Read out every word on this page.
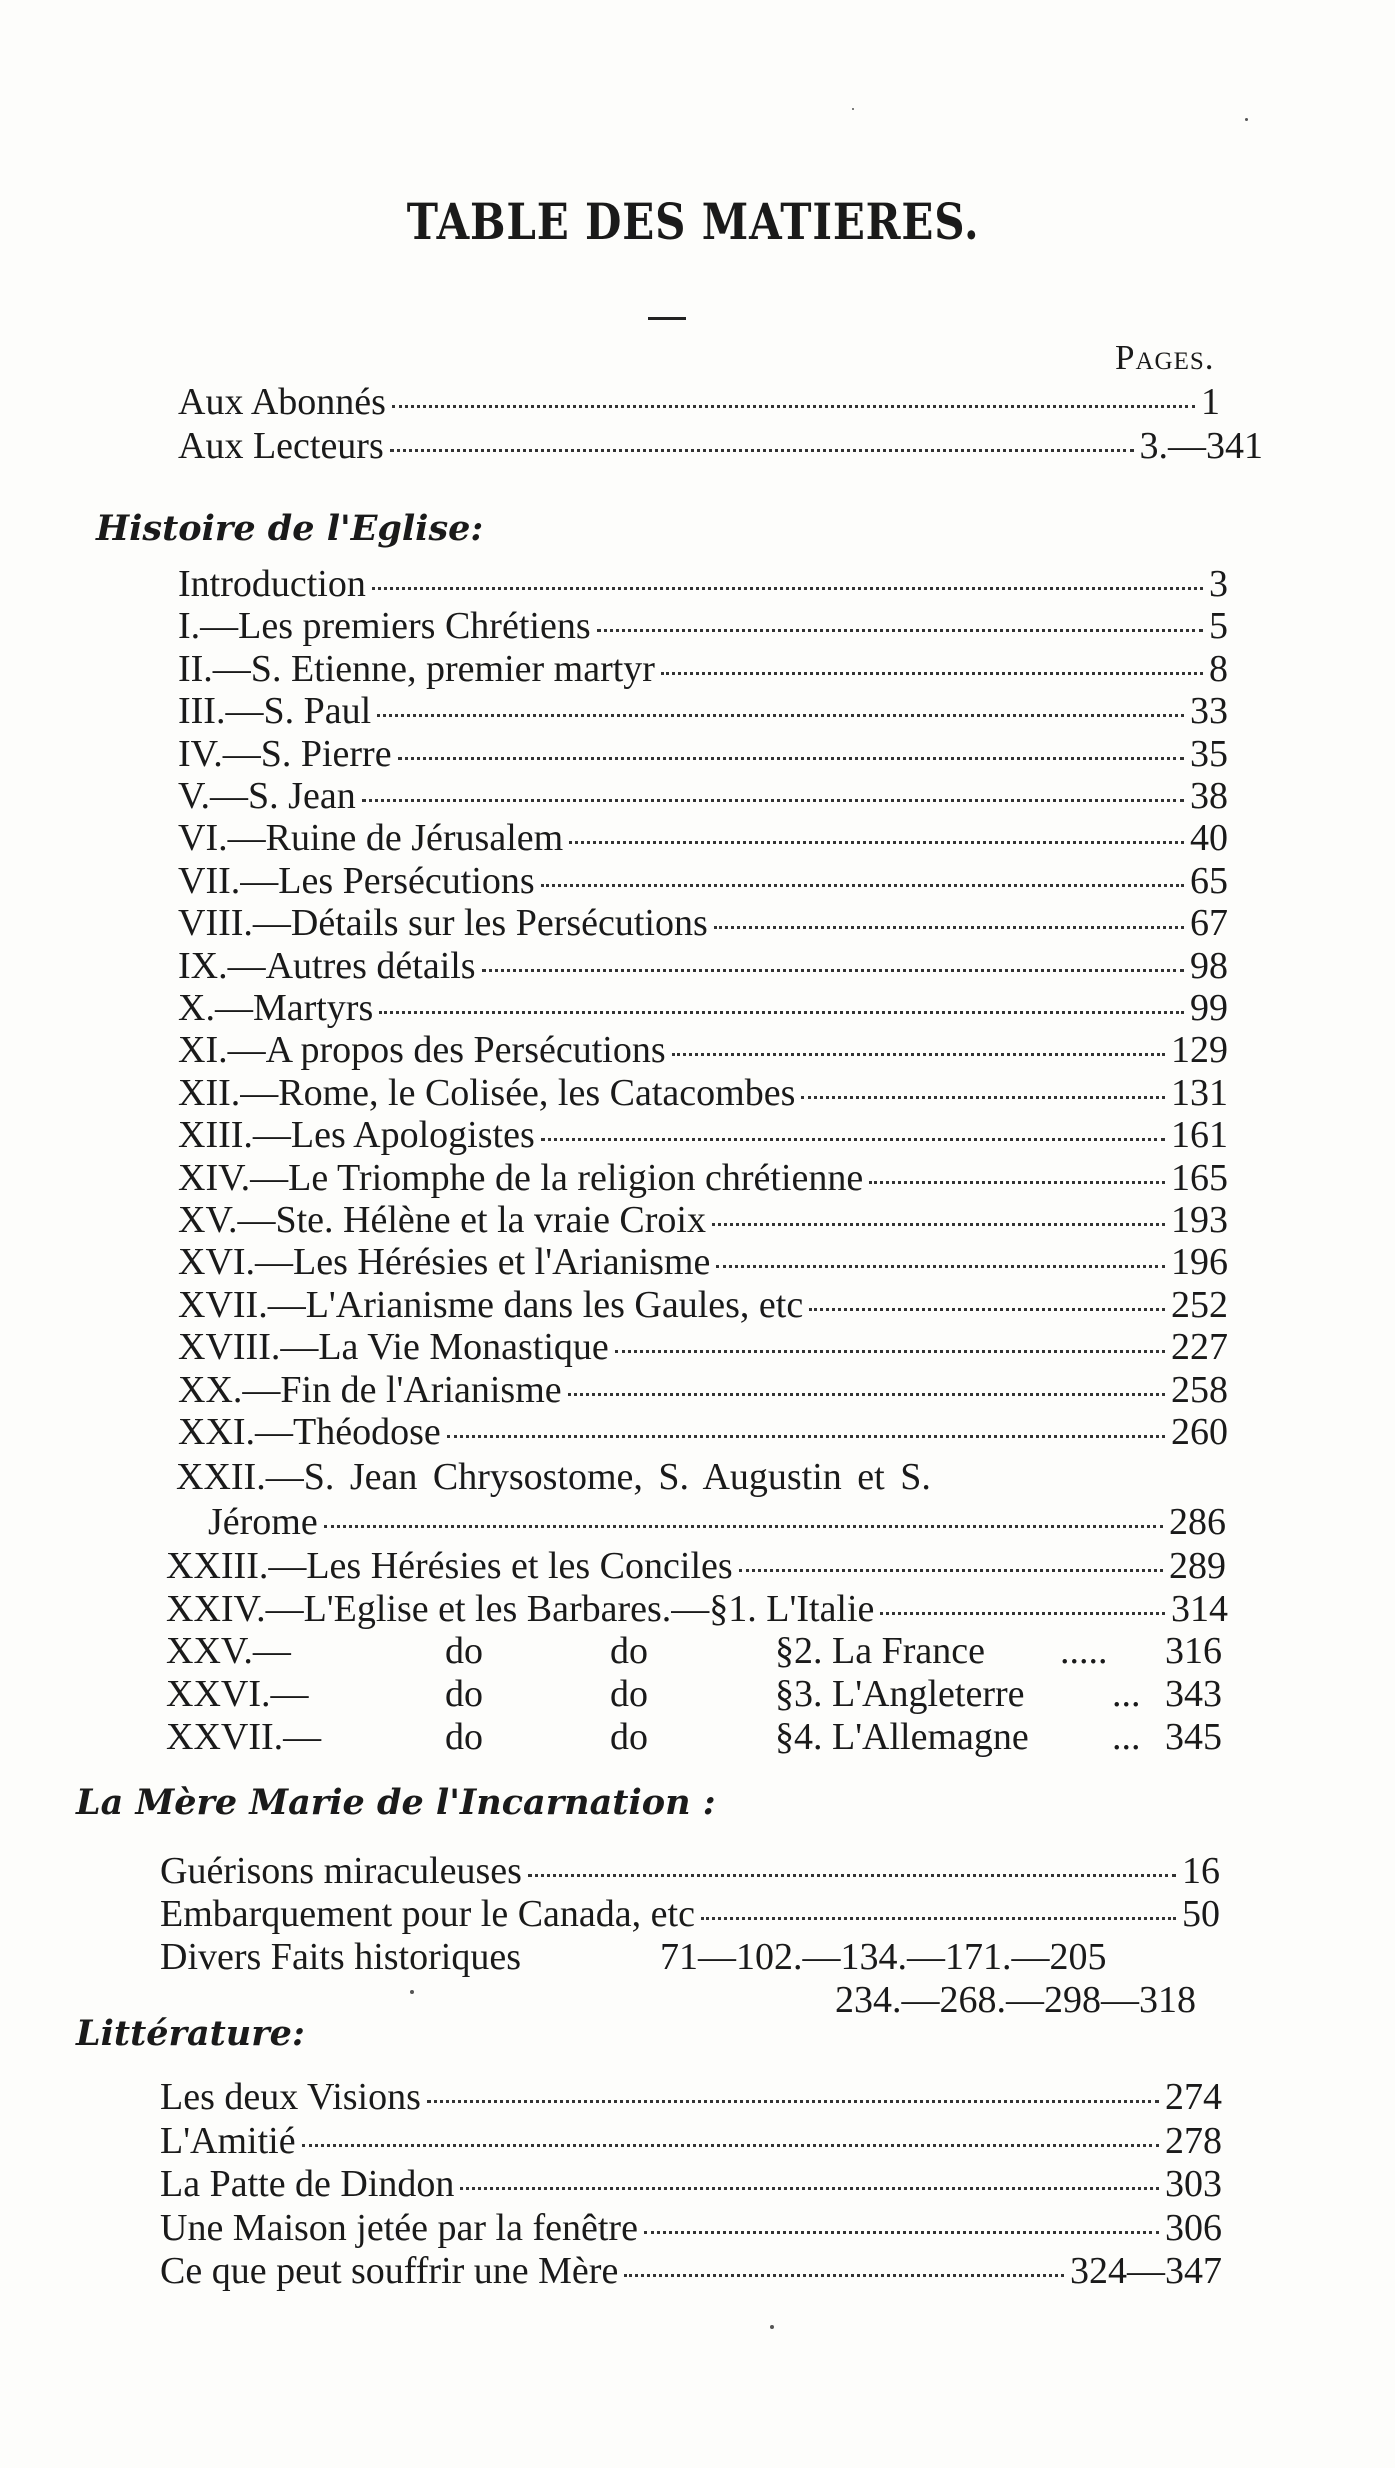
TABLE DES MATIERES.
Pages.
Aux Abonnés	1
Aux Lecteurs	3.—341
Histoire de l'Eglise:
Introduction	3
I.—Les premiers Chrétiens	5
II.—S. Etienne, premier martyr	8
III.—S. Paul	33
IV.—S. Pierre	35
V.—S. Jean	38
VI.—Ruine de Jérusalem	40
VII.—Les Persécutions	65
VIII.—Détails sur les Persécutions	67
IX.—Autres détails	98
X.—Martyrs	99
XI.—A propos des Persécutions	129
XII.—Rome, le Colisée, les Catacombes	131
XIII.—Les Apologistes	161
XIV.—Le Triomphe de la religion chrétienne	165
XV.—Ste. Hélène et la vraie Croix	193
XVI.—Les Hérésies et l'Arianisme	196
XVII.—L'Arianisme dans les Gaules, etc	252
XVIII.—La Vie Monastique	227
XX.—Fin de l'Arianisme	258
XXI.—Théodose	260
XXII.—S. Jean Chrysostome, S. Augustin et S.
Jérome	286
XXIII.—Les Hérésies et les Conciles	289
XXIV.—L'Eglise et les Barbares.—§1. L'Italie	314
XXV.—	do	do	§2. La France ..... 316
XXVI.—	do	do	§3. L'Angleterre ... 343
XXVII.—	do	do	§4. L'Allemagne ... 345
La Mère Marie de l'Incarnation :
Guérisons miraculeuses	16
Embarquement pour le Canada, etc	50
Divers Faits historiques	71—102.—134.—171.—205
234.—268.—298—318
Littérature:
Les deux Visions	274
L'Amitié	278
La Patte de Dindon	303
Une Maison jetée par la fenêtre	306
Ce que peut souffrir une Mère	324—347
